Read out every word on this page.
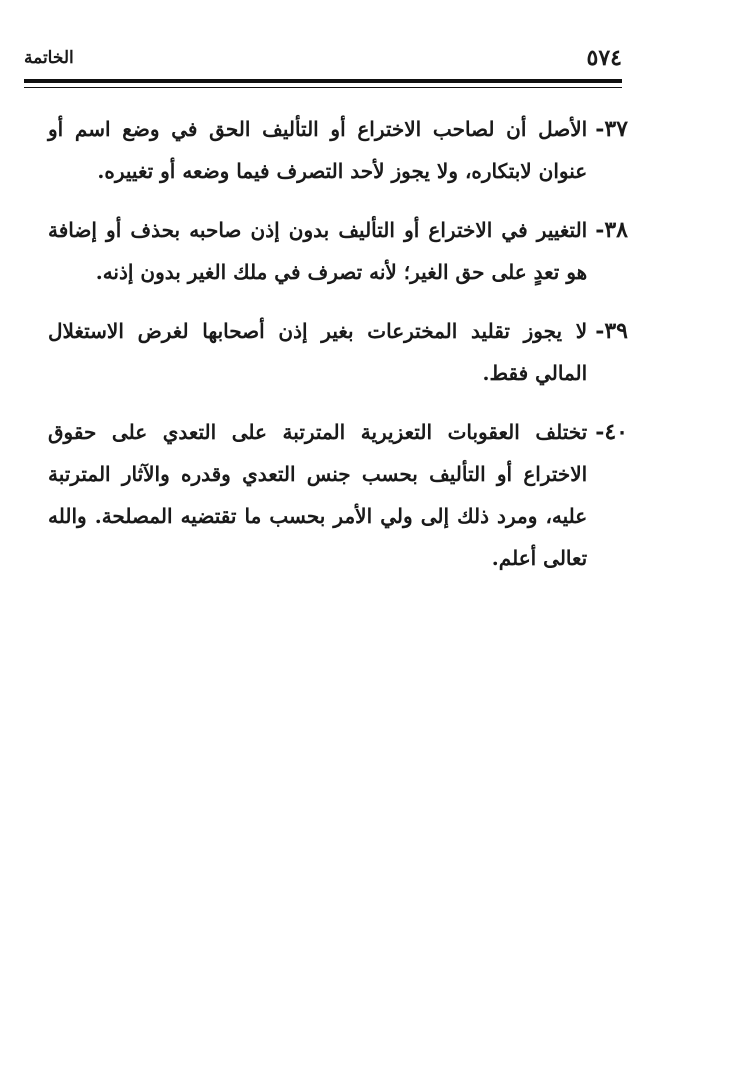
٥٧٤
الخاتمة
٣٧-
الأصل أن لصاحب الاختراع أو التأليف الحق في وضع اسم أو عنوان لابتكاره، ولا يجوز لأحد التصرف فيما وضعه أو تغييره.
٣٨-
التغيير في الاختراع أو التأليف بدون إذن صاحبه بحذف أو إضافة هو تعدٍ على حق الغير؛ لأنه تصرف في ملك الغير بدون إذنه.
٣٩-
لا يجوز تقليد المخترعات بغير إذن أصحابها لغرض الاستغلال المالي فقط.
٤٠-
تختلف العقوبات التعزيرية المترتبة على التعدي على حقوق الاختراع أو التأليف بحسب جنس التعدي وقدره والآثار المترتبة عليه، ومرد ذلك إلى ولي الأمر بحسب ما تقتضيه المصلحة. والله تعالى أعلم.
